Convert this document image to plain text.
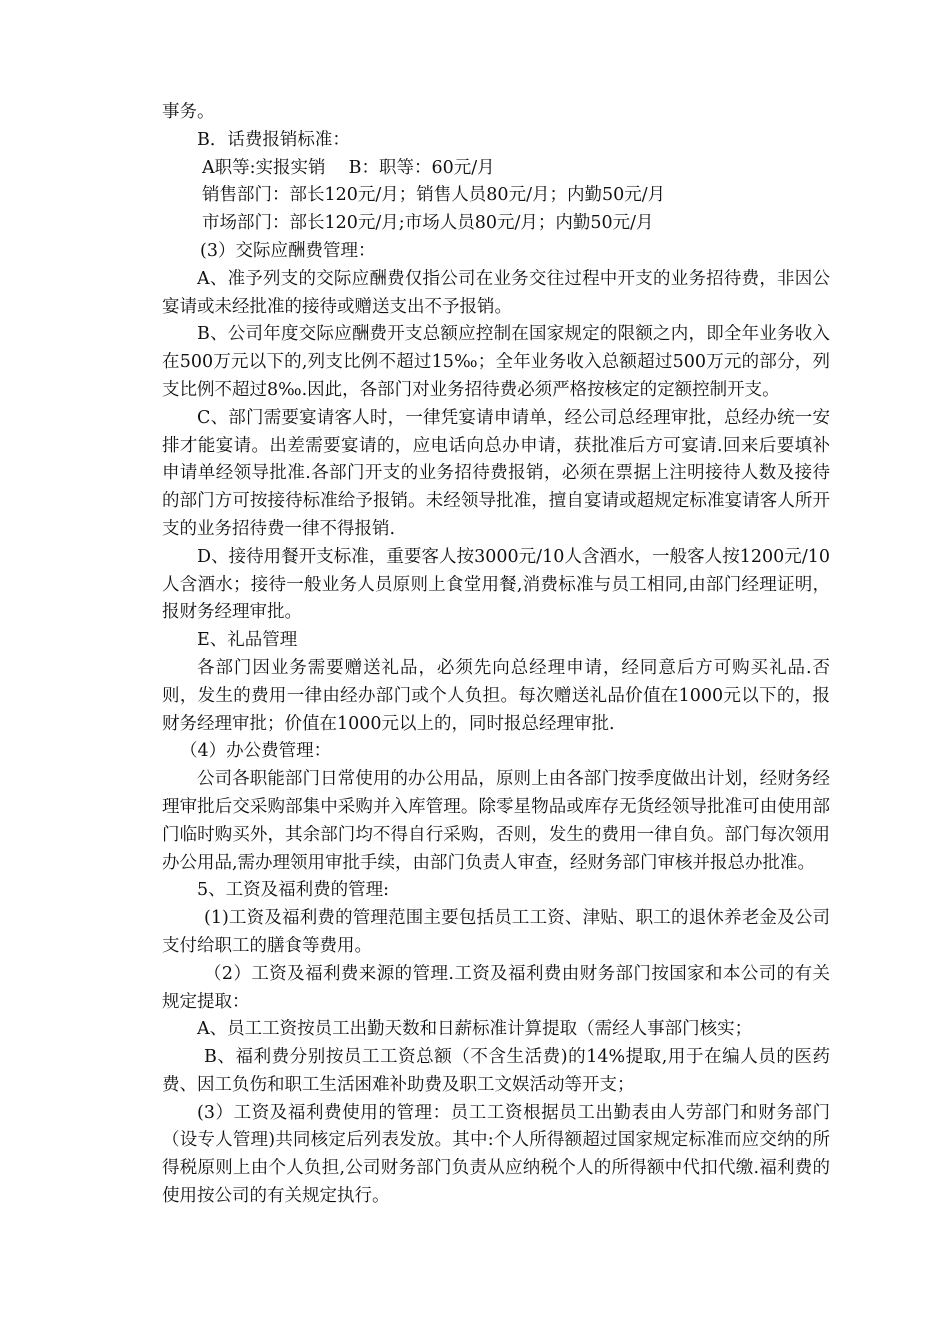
事务。

B．话费报销标准：

A职等:实报实销　 B：职等：60元/月

销售部门：部长120元/月；销售人员80元/月；内勤50元/月

市场部门：部长120元/月;市场人员80元/月；内勤50元/月

(3）交际应酬费管理：

A、准予列支的交际应酬费仅指公司在业务交往过程中开支的业务招待费，非因公宴请或未经批准的接待或赠送支出不予报销。

B、公司年度交际应酬费开支总额应控制在国家规定的限额之内，即全年业务收入在500万元以下的,列支比例不超过15‰；全年业务收入总额超过500万元的部分，列支比例不超过8‰.因此，各部门对业务招待费必须严格按核定的定额控制开支。

C、部门需要宴请客人时，一律凭宴请申请单，经公司总经理审批，总经办统一安排才能宴请。出差需要宴请的，应电话向总办申请，获批准后方可宴请.回来后要填补申请单经领导批准.各部门开支的业务招待费报销，必须在票据上注明接待人数及接待的部门方可按接待标准给予报销。未经领导批准，擅自宴请或超规定标准宴请客人所开支的业务招待费一律不得报销.

D、接待用餐开支标准，重要客人按3000元/10人含酒水，一般客人按1200元/10人含酒水；接待一般业务人员原则上食堂用餐,消费标准与员工相同,由部门经理证明，报财务经理审批。

E、礼品管理

各部门因业务需要赠送礼品，必须先向总经理申请，经同意后方可购买礼品.否则，发生的费用一律由经办部门或个人负担。每次赠送礼品价值在1000元以下的，报财务经理审批；价值在1000元以上的，同时报总经理审批.

（4）办公费管理：

公司各职能部门日常使用的办公用品，原则上由各部门按季度做出计划，经财务经理审批后交采购部集中采购并入库管理。除零星物品或库存无货经领导批准可由使用部门临时购买外，其余部门均不得自行采购，否则，发生的费用一律自负。部门每次领用办公用品,需办理领用审批手续，由部门负责人审查，经财务部门审核并报总办批准。

5、工资及福利费的管理:

(1)工资及福利费的管理范围主要包括员工工资、津贴、职工的退休养老金及公司支付给职工的膳食等费用。

（2）工资及福利费来源的管理.工资及福利费由财务部门按国家和本公司的有关规定提取：

A、员工工资按员工出勤天数和日薪标准计算提取（需经人事部门核实；

B、福利费分别按员工工资总额（不含生活费)的14%提取,用于在编人员的医药费、因工负伤和职工生活困难补助费及职工文娱活动等开支；

(3）工资及福利费使用的管理：员工工资根据员工出勤表由人劳部门和财务部门（设专人管理)共同核定后列表发放。其中:个人所得额超过国家规定标准而应交纳的所得税原则上由个人负担,公司财务部门负责从应纳税个人的所得额中代扣代缴.福利费的使用按公司的有关规定执行。
